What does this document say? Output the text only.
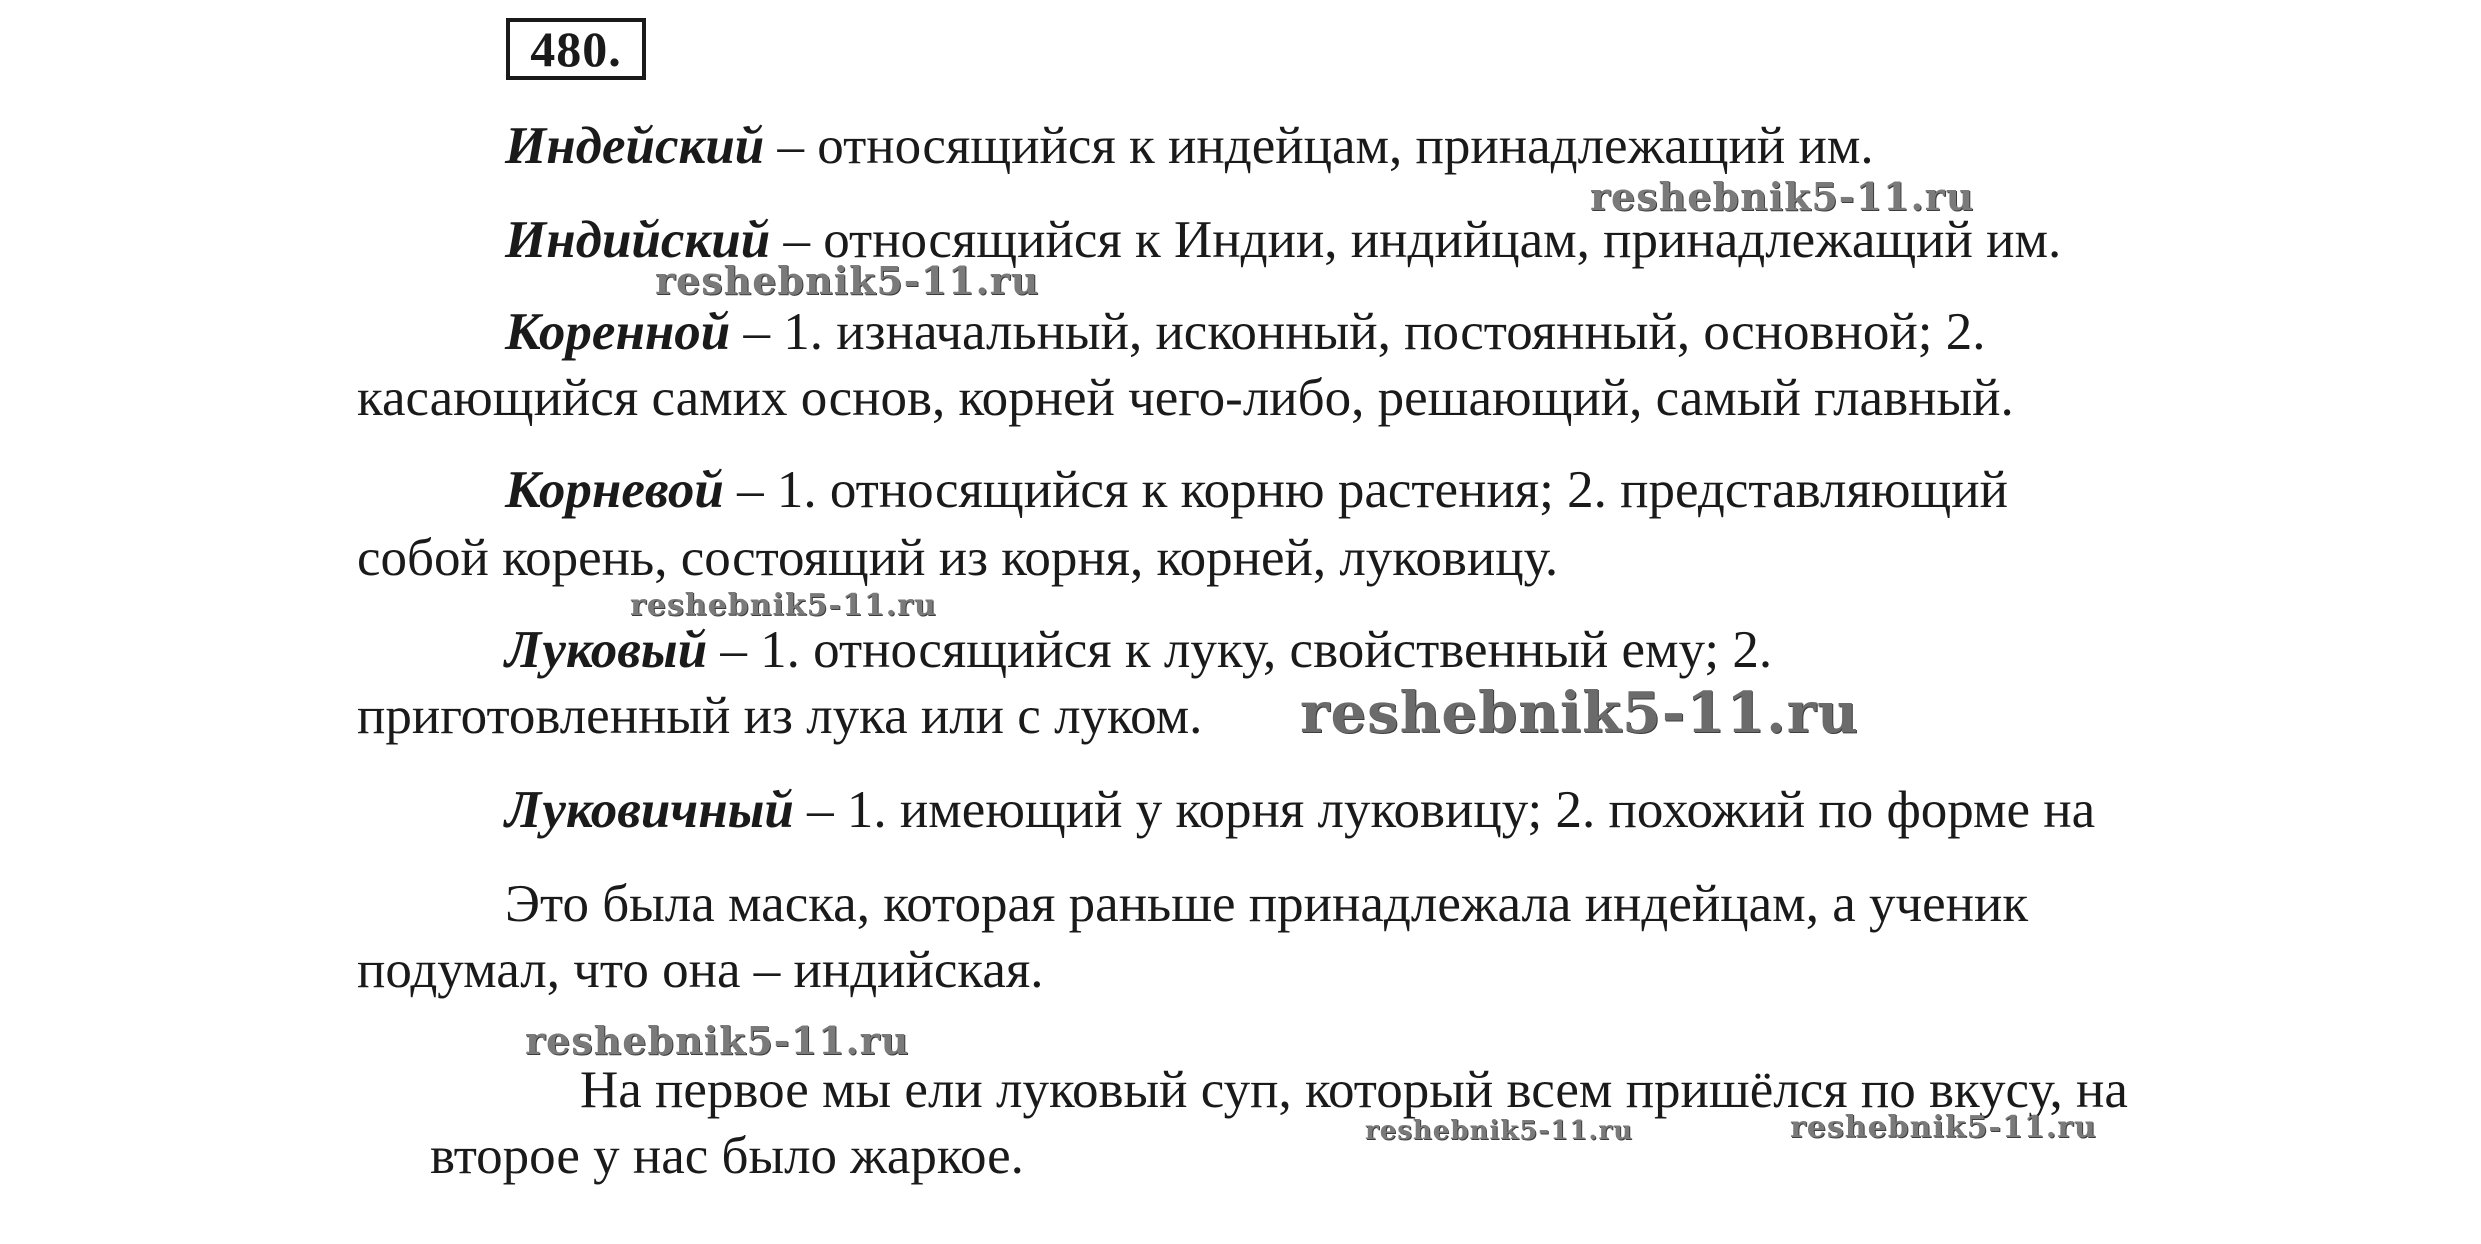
480.
Индейский – относящийся к индейцам, принадлежащий им.
Индийский – относящийся к Индии, индийцам, принадлежащий им.
Коренной – 1. изначальный, исконный, постоянный, основной; 2.
касающийся самих основ, корней чего-либо, решающий, самый главный.
Корневой – 1. относящийся к корню растения; 2. представляющий
собой корень, состоящий из корня, корней, луковицу.
Луковый – 1. относящийся к луку, свойственный ему; 2.
приготовленный из лука или с луком.
Луковичный – 1. имеющий у корня луковицу; 2. похожий по форме на
Это была маска, которая раньше принадлежала индейцам, а ученик
подумал, что она – индийская.
На первое мы ели луковый суп, который всем пришёлся по вкусу, на
второе у нас было жаркое.
reshebnik5-11.ru
reshebnik5-11.ru
reshebnik5-11.ru
reshebnik5-11.ru
reshebnik5-11.ru
reshebnik5-11.ru	reshebnik5-11.ru
